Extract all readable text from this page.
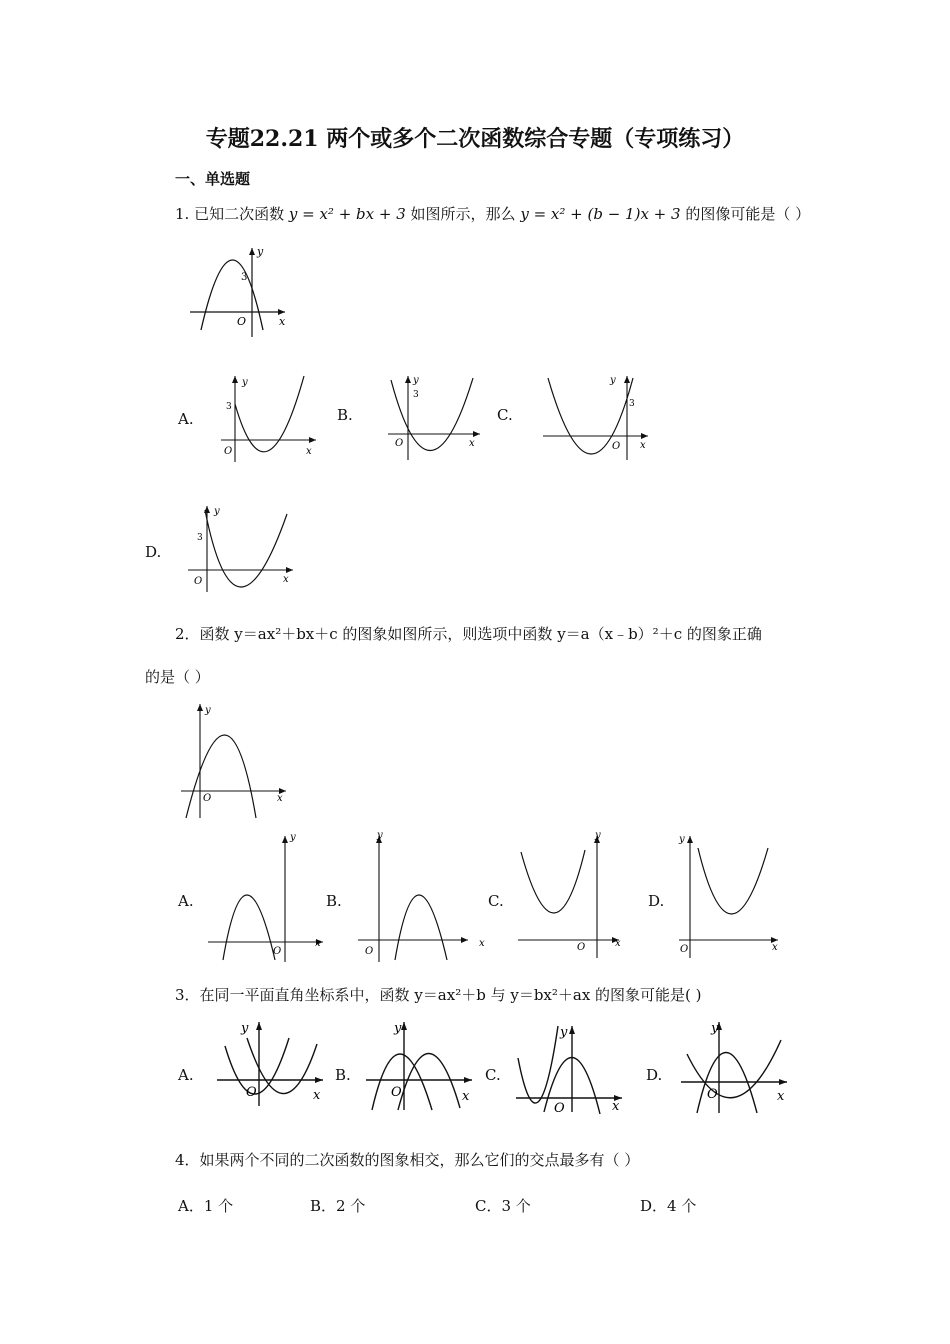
专题22.21 两个或多个二次函数综合专题（专项练习）
一、单选题
1. 已知二次函数 y = x² + bx + 3 如图所示，那么 y = x² + (b − 1)x + 3 的图像可能是（ ）
y
x
O
3
A.
y
x
O
3	B.
y
x
O
3
C.
y
x
O
3
D.
y
x
O
3
2．函数 y＝ax²＋bx＋c 的图象如图所示，则选项中函数 y＝a（x﹣b）²＋c 的图象正确
的是（ ）
y
x
O
A.
y
x
O
B.
y
x
O
C.
y
x
O
D.
y
x
O
3．在同一平面直角坐标系中，函数 y＝ax²＋b 与 y＝bx²＋ax 的图象可能是( )
A.
y
x
O
B.
y
x
O
C.
y
x
O
D.
y
x
O
4．如果两个不同的二次函数的图象相交，那么它们的交点最多有（ ）
A．1 个	B．2 个	C．3 个	D．4 个
